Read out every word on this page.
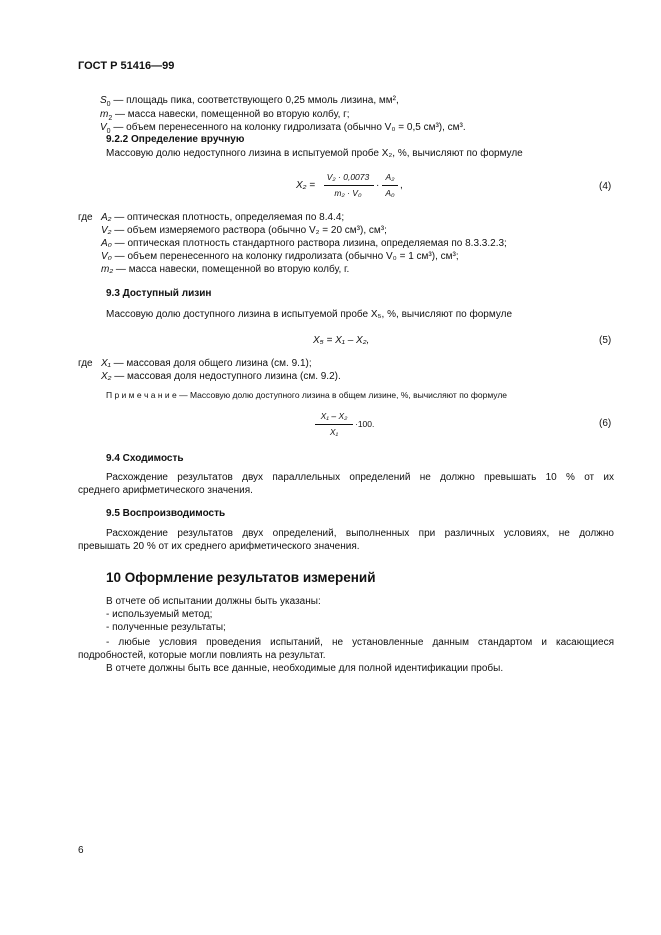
ГОСТ Р 51416—99
$S_0$ — площадь пика, соответствующего 0,25 ммоль лизина, мм²,
$m_2$ — масса навески, помещенной во вторую колбу, г;
$V_0$ — объем перенесенного на колонку гидролизата (обычно V₀ = 0,5 см³), см³.
9.2.2 Определение вручную
Массовую долю недоступного лизина в испытуемой пробе X₂, %, вычисляют по формуле
X₂ =
V₂ · 0,0073
m₂ · V₀
·
A₂
A₀
,	(4)
где A₂ — оптическая плотность, определяемая по 8.4.4;
V₂ — объем измеряемого раствора (обычно V₂ = 20 см³), см³;
A₀ — оптическая плотность стандартного раствора лизина, определяемая по 8.3.3.2.3;
V₀ — объем перенесенного на колонку гидролизата (обычно V₀ = 1 см³), см³;
m₂ — масса навески, помещенной во вторую колбу, г.
9.3 Доступный лизин
Массовую долю доступного лизина в испытуемой пробе X₅, %, вычисляют по формуле
X₅ = X₁ – X₂,	(5)
где X₁ — массовая доля общего лизина (см. 9.1);
X₂ — массовая доля недоступного лизина (см. 9.2).
П р и м е ч а н и е — Массовую долю доступного лизина в общем лизине, %, вычисляют по формуле
X₁ – X₂
X₁
·100.	(6)
9.4 Сходимость
Расхождение результатов двух параллельных определений не должно превышать 10 % от их
среднего арифметического значения.
9.5 Воспроизводимость
Расхождение результатов двух определений, выполненных при различных условиях, не должно
превышать 20 % от их среднего арифметического значения.
10 Оформление результатов измерений
В отчете об испытании должны быть указаны:
- используемый метод;
- полученные результаты;
- любые условия проведения испытаний, не установленные данным стандартом и касающиеся
подробностей, которые могли повлиять на результат.
В отчете должны быть все данные, необходимые для полной идентификации пробы.
6
